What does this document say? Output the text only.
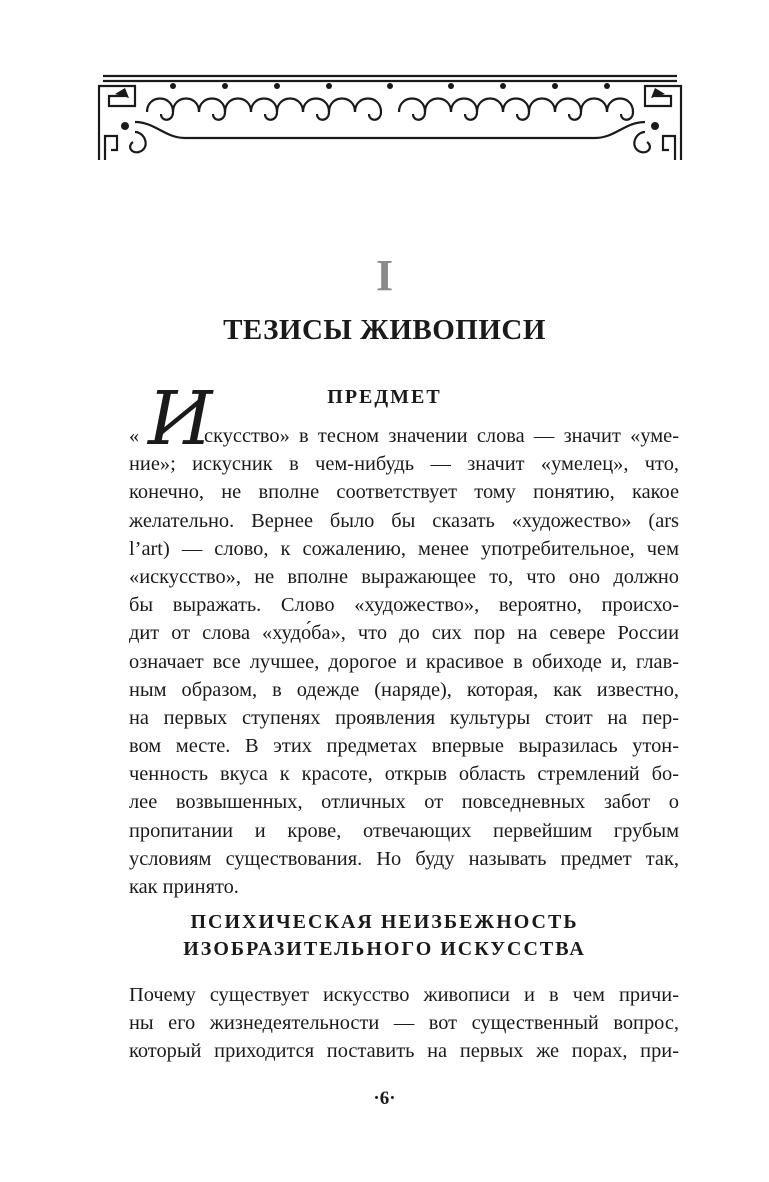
I
ТЕЗИСЫ ЖИВОПИСИ
ПРЕДМЕТ
И
«       скусство» в тесном значении слова — значит «уме-
ние»; искусник в чем-нибудь — значит «умелец», что,
конечно, не вполне соответствует тому понятию, какое
желательно. Вернее было бы сказать «художество» (ars
l’art) — слово, к сожалению, менее употребительное, чем
«искусство», не вполне выражающее то, что оно должно
бы выражать. Слово «художество», вероятно, происхо-
дит от слова «худо́ба», что до сих пор на севере России
означает все лучшее, дорогое и красивое в обиходе и, глав-
ным образом, в одежде (наряде), которая, как известно,
на первых ступенях проявления культуры стоит на пер-
вом месте. В этих предметах впервые выразилась утон-
ченность вкуса к красоте, открыв область стремлений бо-
лее возвышенных, отличных от повседневных забот о
пропитании и крове, отвечающих первейшим грубым
условиям существования. Но буду называть предмет так,
как принято.
ПСИХИЧЕСКАЯ НЕИЗБЕЖНОСТЬ
ИЗОБРАЗИТЕЛЬНОГО ИСКУССТВА
Почему существует искусство живописи и в чем причи-
ны его жизнедеятельности — вот существенный вопрос,
который приходится поставить на первых же порах, при-
·6·
